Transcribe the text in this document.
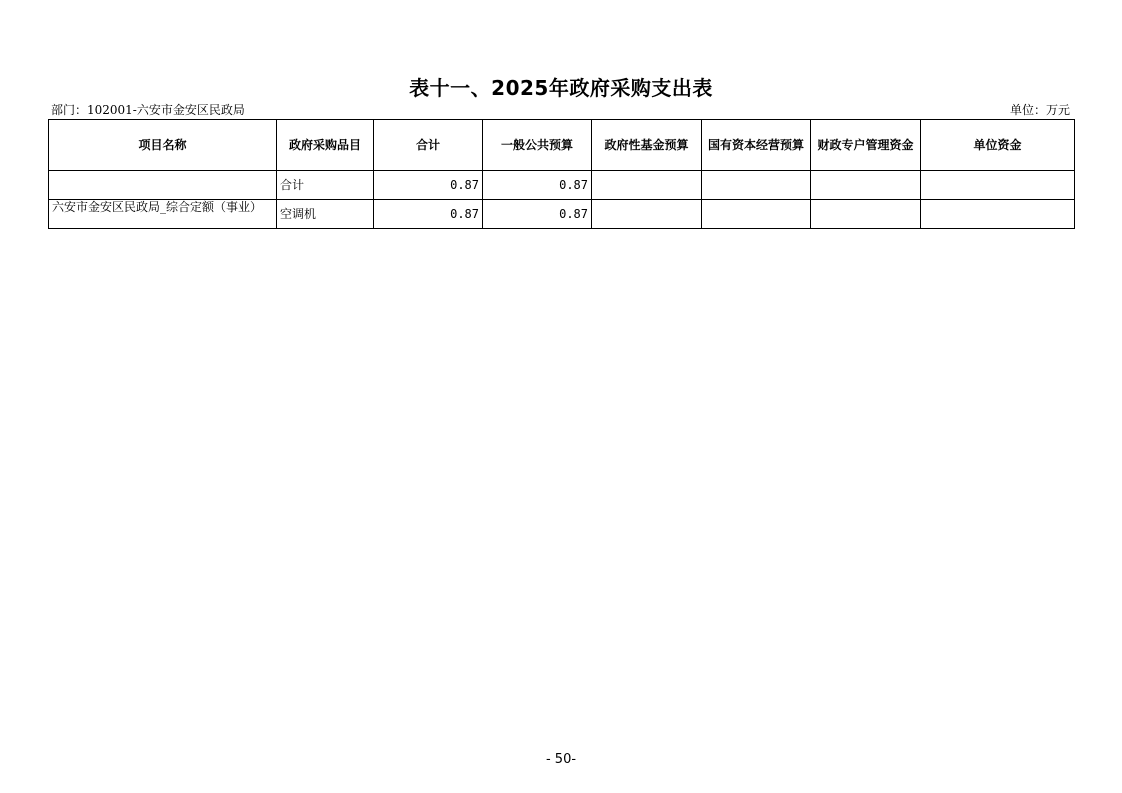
表十一、2025年政府采购支出表
部门：102001-六安市金安区民政局	单位：万元
项目名称	政府采购品目	合计	一般公共预算	政府性基金预算	国有资本经营预算	财政专户管理资金	单位资金
	合计	0.87	0.87				
六安市金安区民政局_综合定额（事业）	空调机	0.87	0.87				
- 50-
